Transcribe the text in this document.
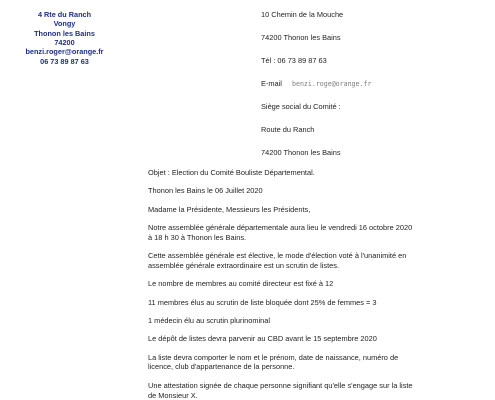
4 Rte du Ranch
Vongy
Thonon les Bains
74200
benzi.roger@orange.fr
06 73 89 87 63
10 Chemin de la Mouche
74200 Thonon les Bains
Tél : 06 73 89 87 63
E-mail benzi.roge@orange.fr
Siège social du Comité :
Route du Ranch
74200 Thonon les Bains

Objet : Election du Comité Bouliste Départemental.

Thonon les Bains le 06 Juillet 2020

Madame la Présidente, Messieurs les Présidents,

Notre assemblée générale départementale aura lieu le vendredi 16 octobre 2020 à 18 h 30 à Thonon les Bains.

Cette assemblée générale est élective, le mode d'élection voté à l'unanimité en assemblée générale extraordinaire est un scrutin de listes.

Le nombre de membres au comité directeur est fixé à 12

11 membres élus au scrutin de liste bloquée dont 25% de femmes = 3

1 médecin élu au scrutin plurinominal

Le dépôt de listes devra parvenir au CBD avant le 15 septembre 2020

La liste devra comporter le nom et le prénom, date de naissance, numéro de licence, club d'appartenance de la personne.

Une attestation signée de chaque personne signifiant qu'elle s'engage sur la liste de Monsieur X.
